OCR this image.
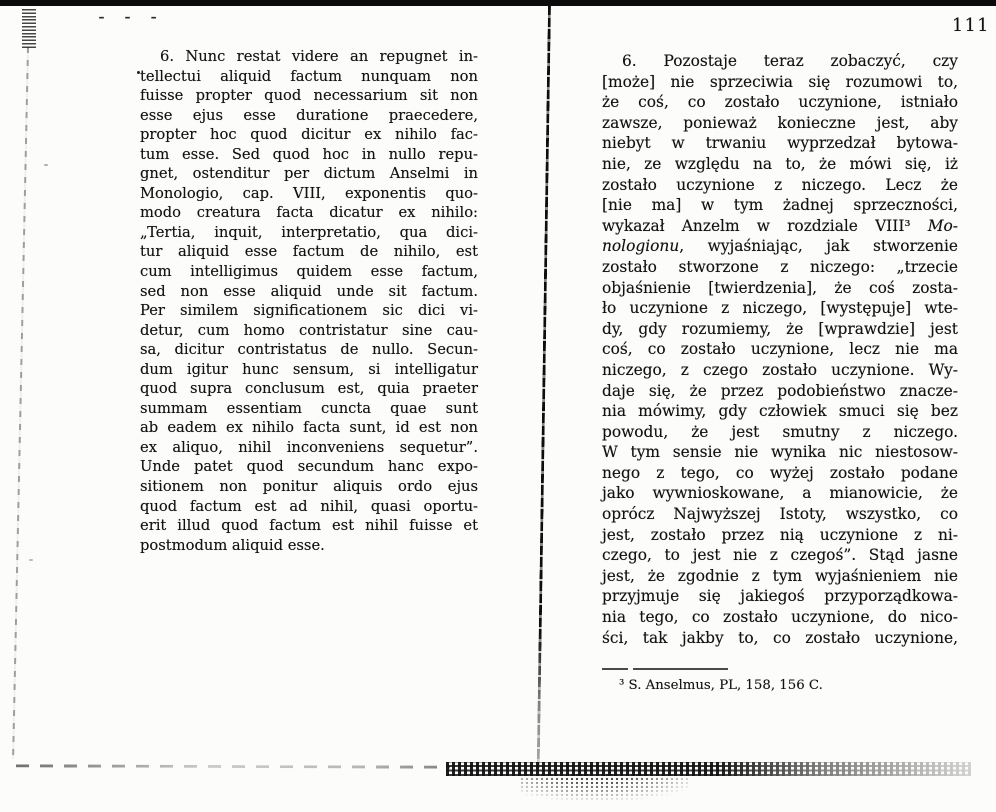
- - -	111
6. Nunc restat videre an repugnet in-
tellectui aliquid factum nunquam non
fuisse propter quod necessarium sit non
esse ejus esse duratione praecedere,
propter hoc quod dicitur ex nihilo fac-
tum esse. Sed quod hoc in nullo repu-
gnet, ostenditur per dictum Anselmi in
Monologio, cap. VIII, exponentis quo-
modo creatura facta dicatur ex nihilo:
„Tertia, inquit, interpretatio, qua dici-
tur aliquid esse factum de nihilo, est
cum intelligimus quidem esse factum,
sed non esse aliquid unde sit factum.
Per similem significationem sic dici vi-
detur, cum homo contristatur sine cau-
sa, dicitur contristatus de nullo. Secun-
dum igitur hunc sensum, si intelligatur
quod supra conclusum est, quia praeter
summam essentiam cuncta quae sunt
ab eadem ex nihilo facta sunt, id est non
ex aliquo, nihil inconveniens sequetur”.
Unde patet quod secundum hanc expo-
sitionem non ponitur aliquis ordo ejus
quod factum est ad nihil, quasi oportu-
erit illud quod factum est nihil fuisse et
postmodum aliquid esse.
6. Pozostaje teraz zobaczyć, czy
[może] nie sprzeciwia się rozumowi to,
że coś, co zostało uczynione, istniało
zawsze, ponieważ konieczne jest, aby
niebyt w trwaniu wyprzedzał bytowa-
nie, ze względu na to, że mówi się, iż
zostało uczynione z niczego. Lecz że
[nie ma] w tym żadnej sprzeczności,
wykazał Anzelm w rozdziale VIII³ Mo-
nologionu, wyjaśniając, jak stworzenie
zostało stworzone z niczego: „trzecie
objaśnienie [twierdzenia], że coś zosta-
ło uczynione z niczego, [występuje] wte-
dy, gdy rozumiemy, że [wprawdzie] jest
coś, co zostało uczynione, lecz nie ma
niczego, z czego zostało uczynione. Wy-
daje się, że przez podobieństwo znacze-
nia mówimy, gdy człowiek smuci się bez
powodu, że jest smutny z niczego.
W tym sensie nie wynika nic niestosow-
nego z tego, co wyżej zostało podane
jako wywnioskowane, a mianowicie, że
oprócz Najwyższej Istoty, wszystko, co
jest, zostało przez nią uczynione z ni-
czego, to jest nie z czegoś”. Stąd jasne
jest, że zgodnie z tym wyjaśnieniem nie
przyjmuje się jakiegoś przyporządkowa-
nia tego, co zostało uczynione, do nico-
ści, tak jakby to, co zostało uczynione,
³ S. Anselmus, PL, 158, 156 C.
